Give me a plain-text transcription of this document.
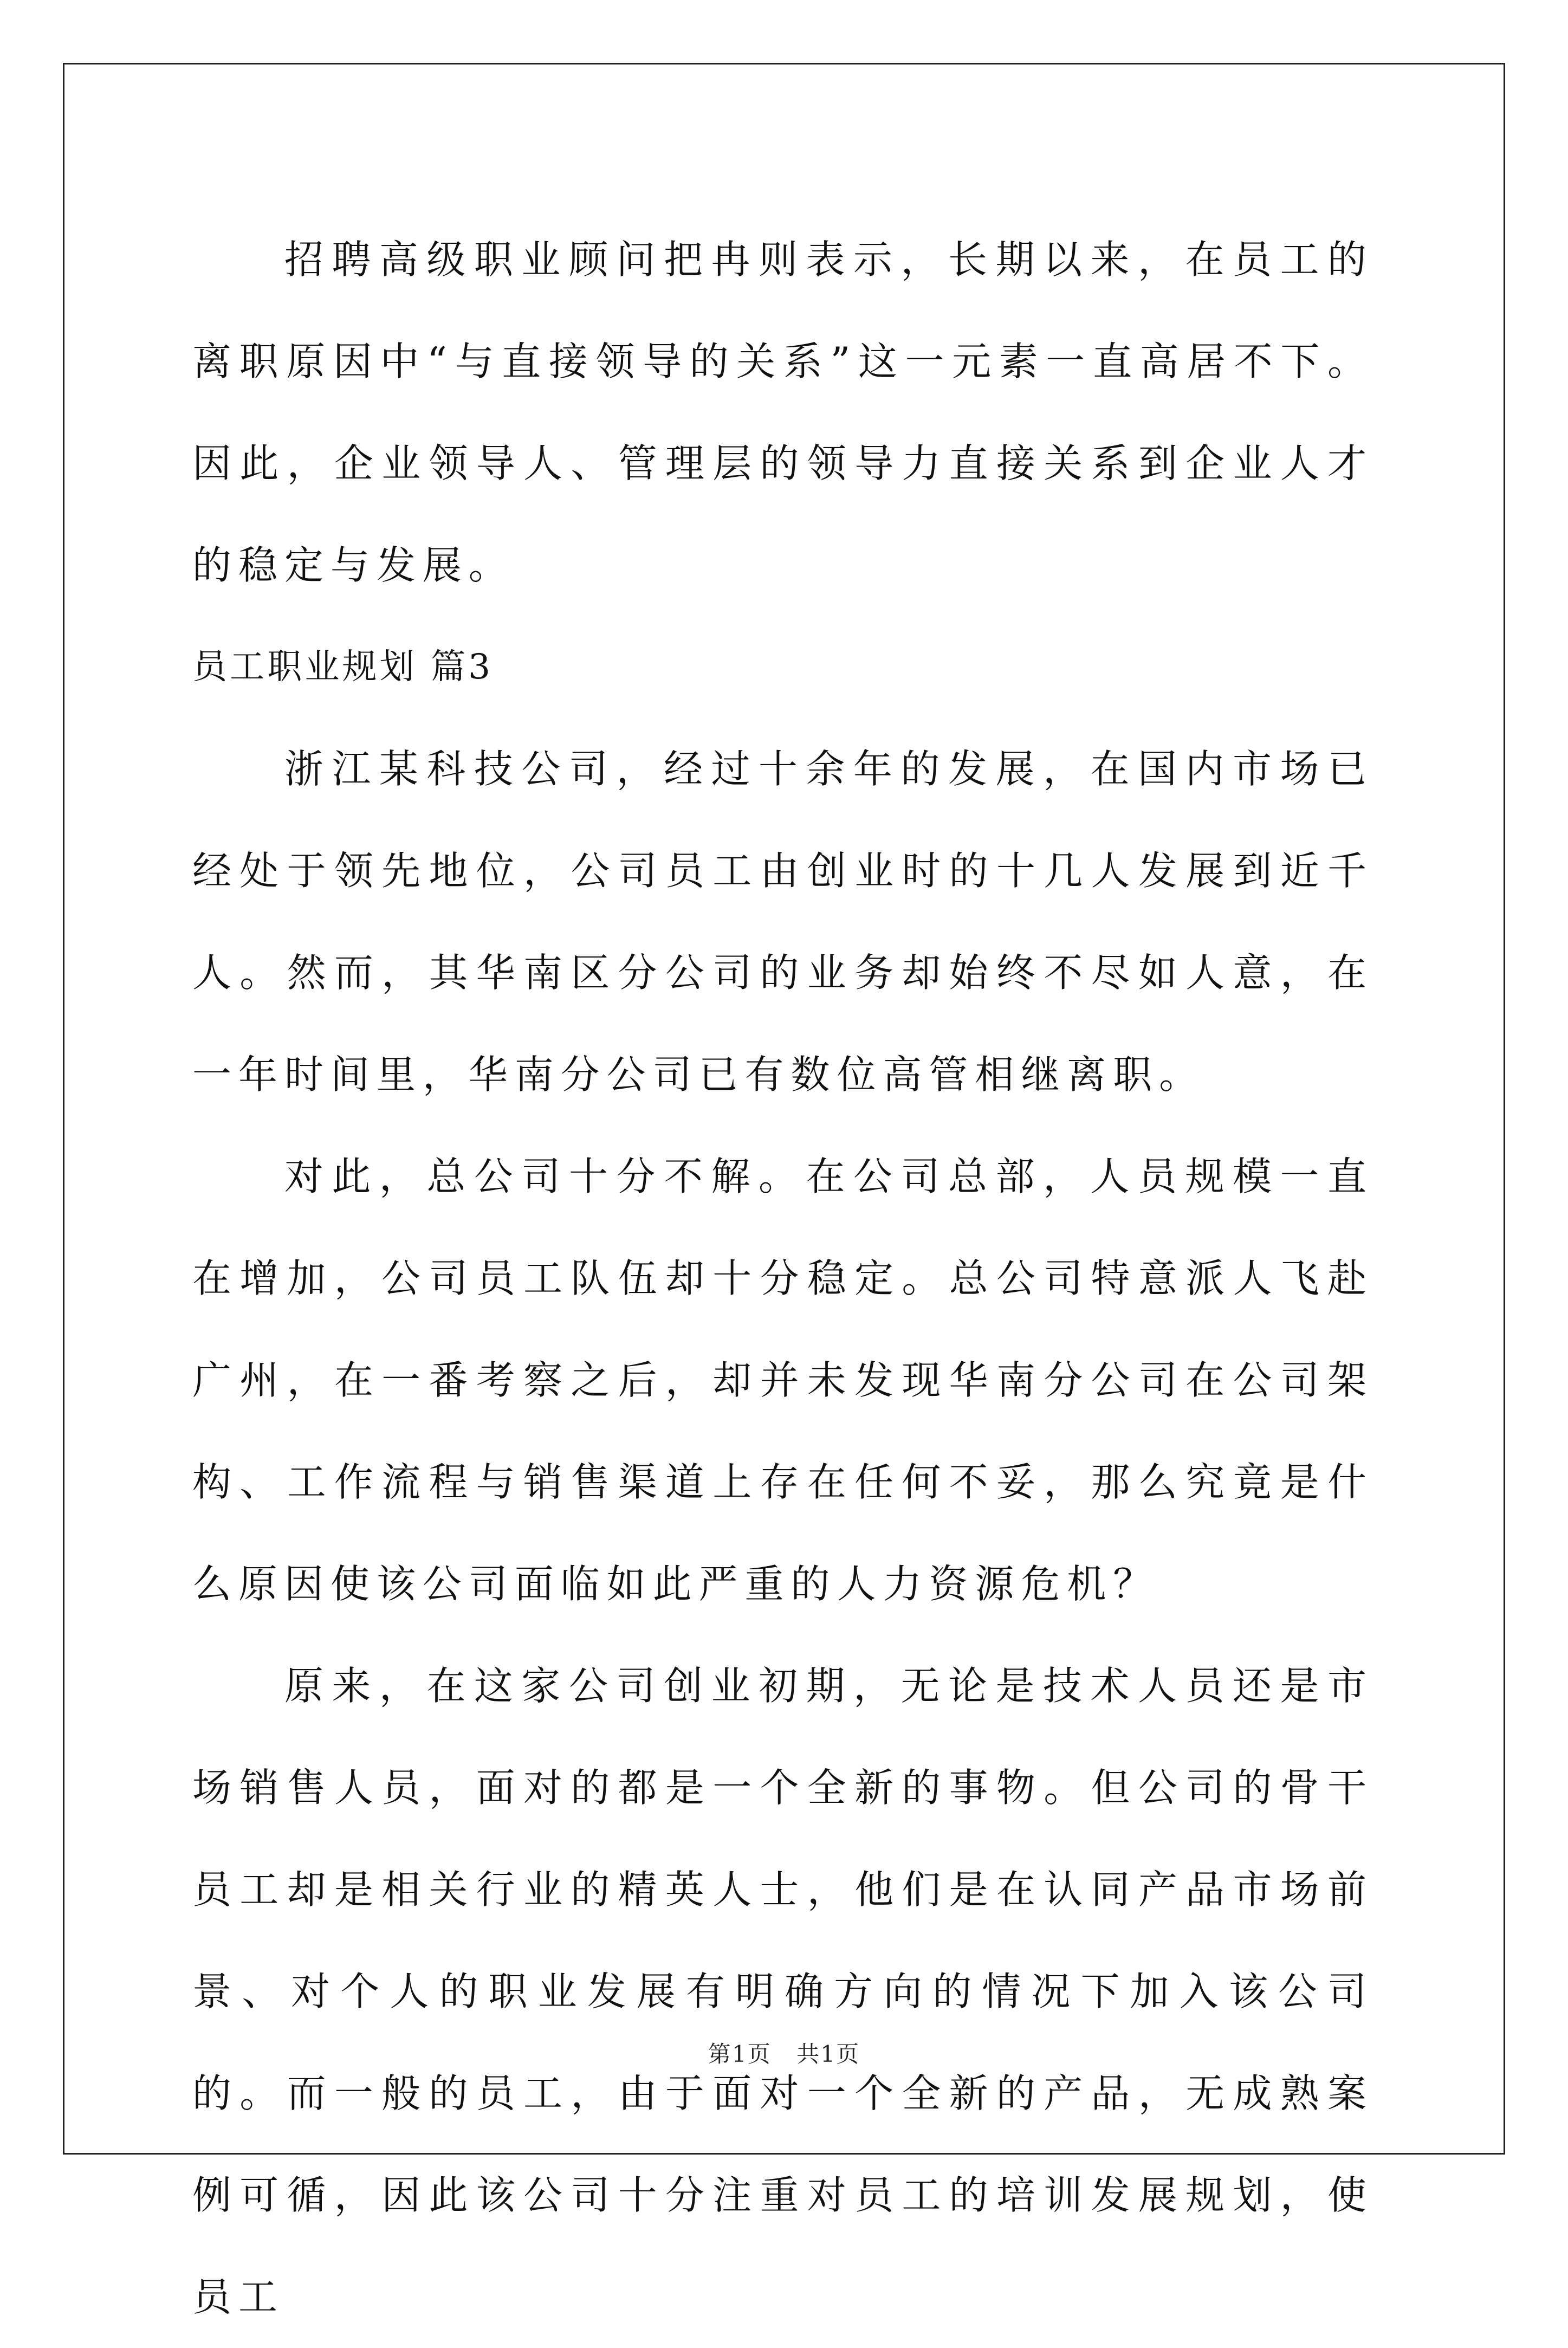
招聘高级职业顾问把冉则表示，长期以来，在员工的离职原因中“与直接领导的关系”这一元素一直高居不下。因此，企业领导人、管理层的领导力直接关系到企业人才的稳定与发展。

员工职业规划 篇3

浙江某科技公司，经过十余年的发展，在国内市场已经处于领先地位，公司员工由创业时的十几人发展到近千人。然而，其华南区分公司的业务却始终不尽如人意，在一年时间里，华南分公司已有数位高管相继离职。

对此，总公司十分不解。在公司总部，人员规模一直在增加，公司员工队伍却十分稳定。总公司特意派人飞赴广州，在一番考察之后，却并未发现华南分公司在公司架构、工作流程与销售渠道上存在任何不妥，那么究竟是什么原因使该公司面临如此严重的人力资源危机？

原来，在这家公司创业初期，无论是技术人员还是市场销售人员，面对的都是一个全新的事物。但公司的骨干员工却是相关行业的精英人士，他们是在认同产品市场前景、对个人的职业发展有明确方向的情况下加入该公司的。而一般的员工，由于面对一个全新的产品，无成熟案例可循，因此该公司十分注重对员工的培训发展规划，使员工

第1页 共1页
